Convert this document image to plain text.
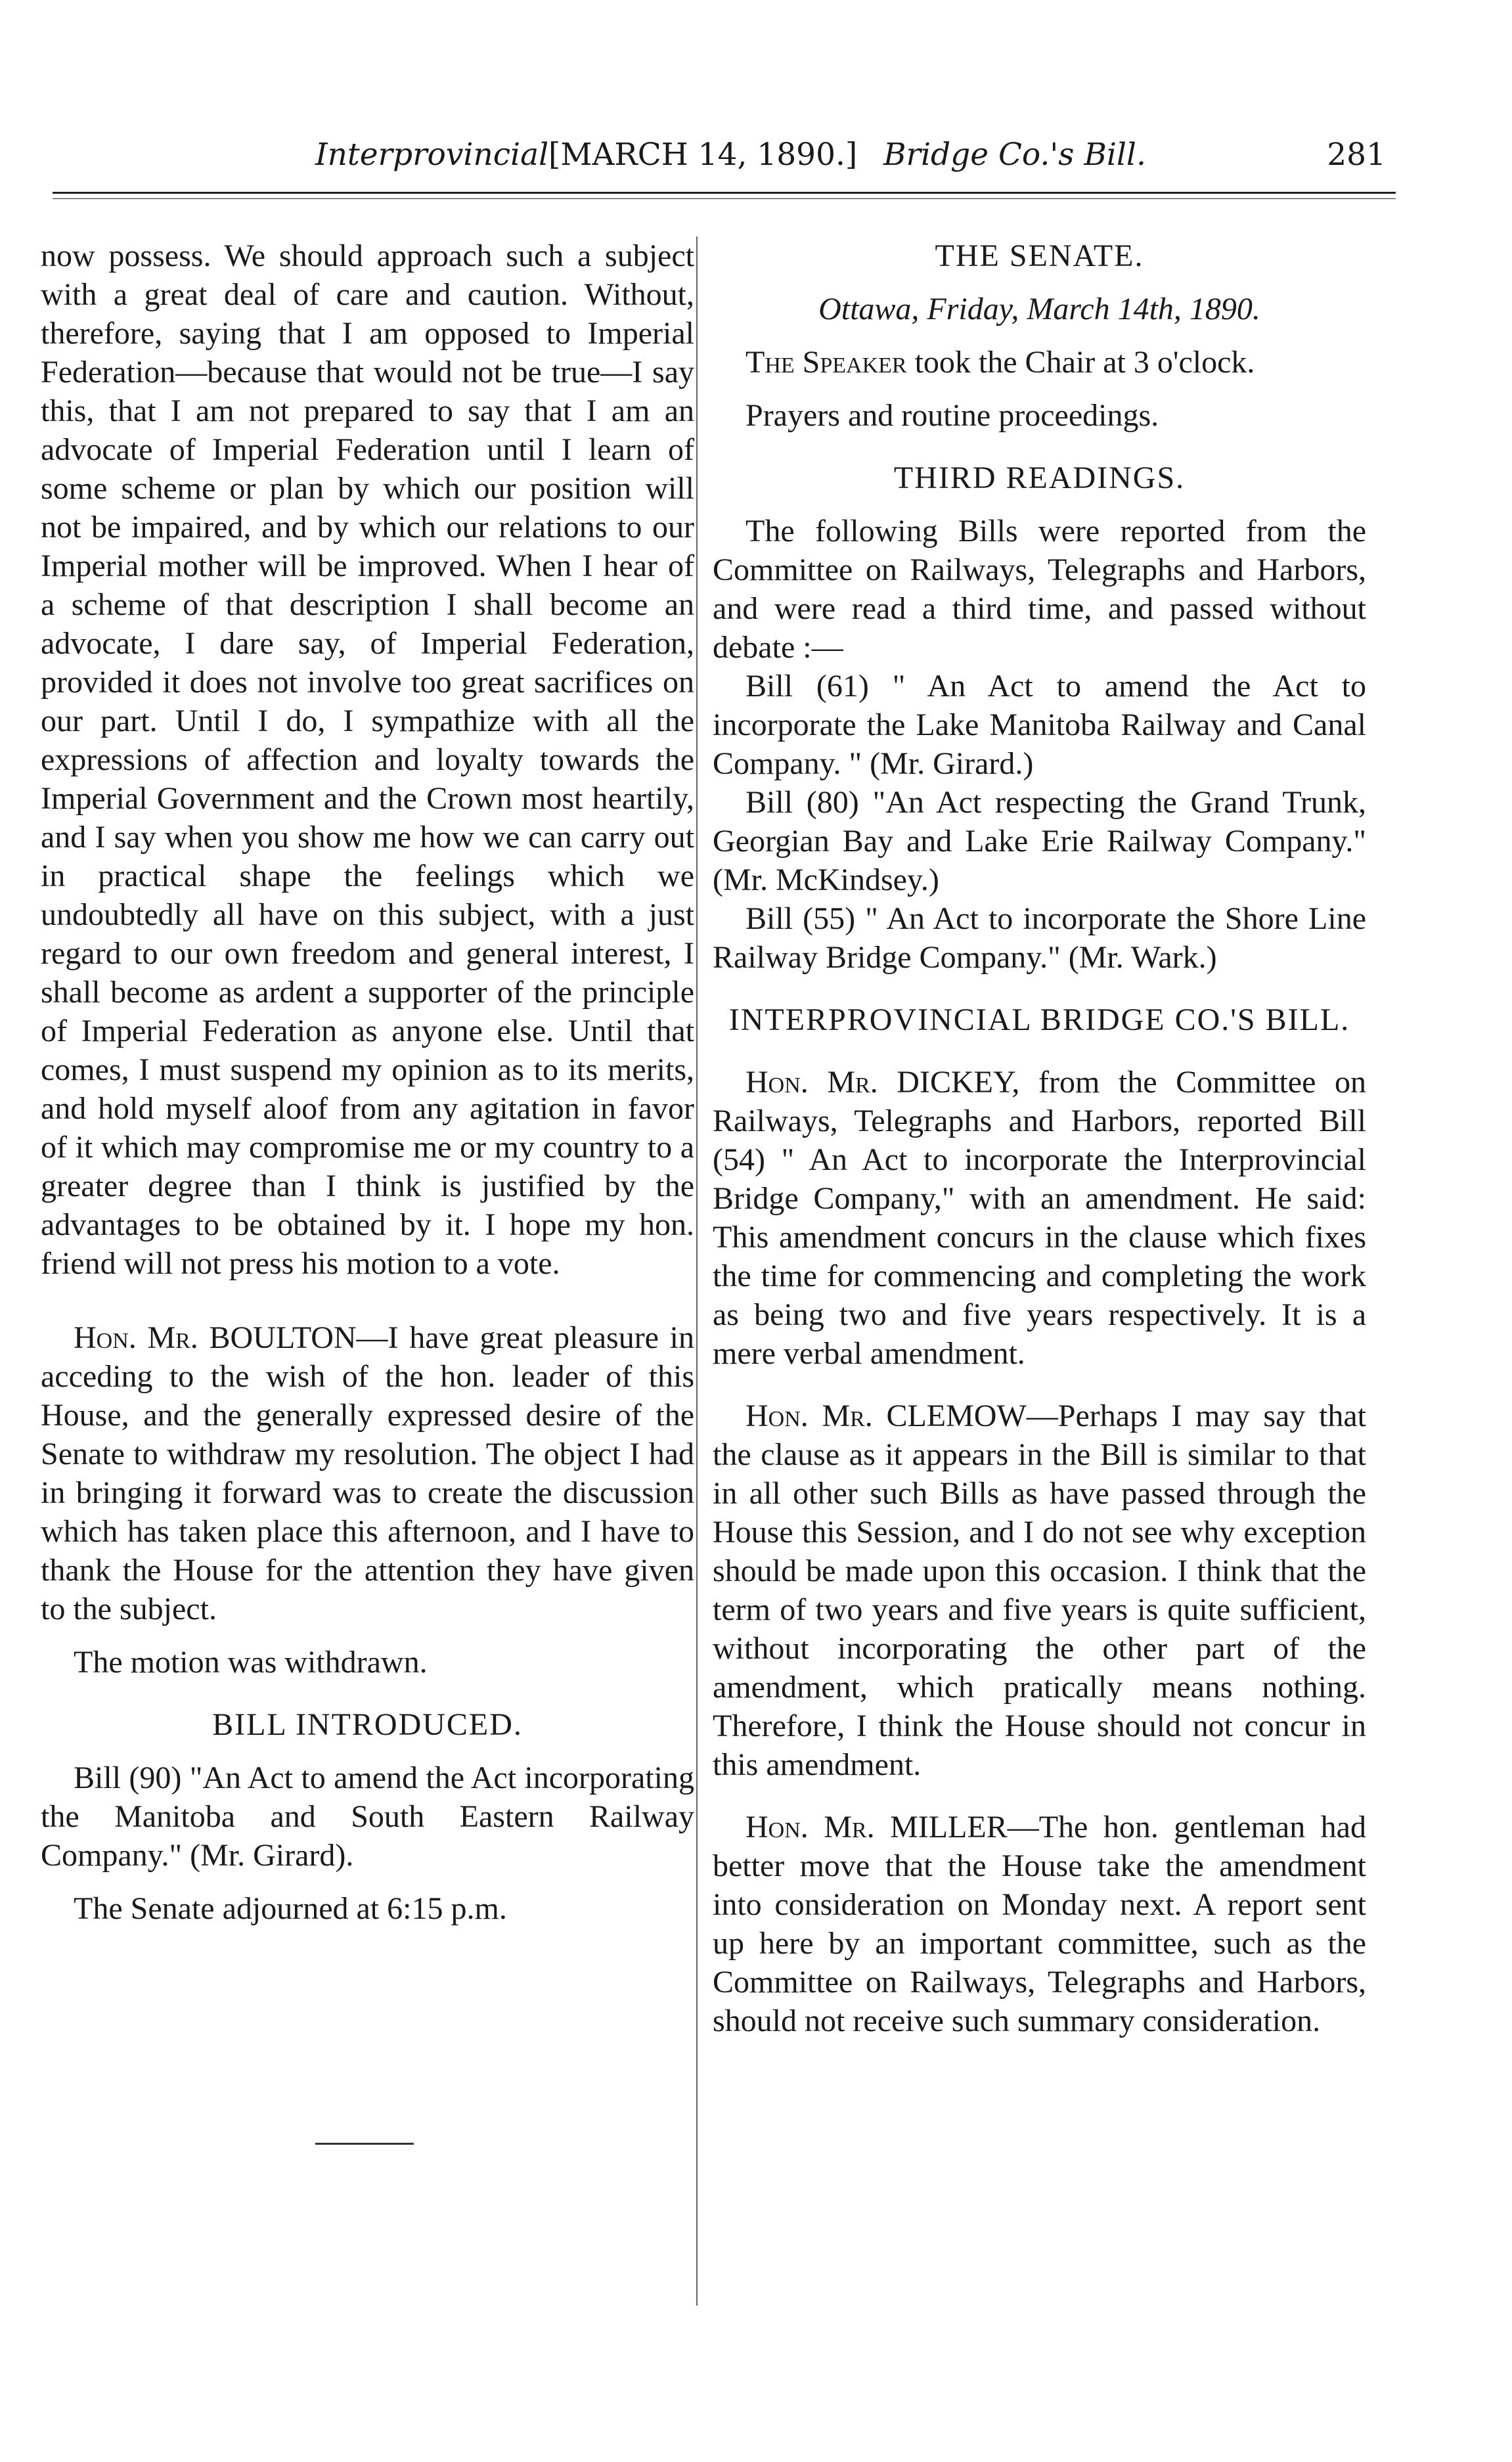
Interprovincial [MARCH 14, 1890.] Bridge Co.'s Bill.	281

now possess. We should approach such a subject with a great deal of care and caution. Without, therefore, saying that I am opposed to Imperial Federation—because that would not be true—I say this, that I am not prepared to say that I am an advocate of Imperial Federation until I learn of some scheme or plan by which our position will not be impaired, and by which our relations to our Imperial mother will be improved. When I hear of a scheme of that description I shall become an advocate, I dare say, of Imperial Federation, provided it does not involve too great sacrifices on our part. Until I do, I sympathize with all the expressions of affection and loyalty towards the Imperial Government and the Crown most heartily, and I say when you show me how we can carry out in practical shape the feelings which we undoubtedly all have on this subject, with a just regard to our own freedom and general interest, I shall become as ardent a supporter of the principle of Imperial Federation as anyone else. Until that comes, I must suspend my opinion as to its merits, and hold myself aloof from any agitation in favor of it which may compromise me or my country to a greater degree than I think is justified by the advantages to be obtained by it. I hope my hon. friend will not press his motion to a vote.

Hon. Mr. BOULTON—I have great pleasure in acceding to the wish of the hon. leader of this House, and the generally expressed desire of the Senate to withdraw my resolution. The object I had in bringing it forward was to create the discussion which has taken place this afternoon, and I have to thank the House for the attention they have given to the subject.

The motion was withdrawn.

BILL INTRODUCED.

Bill (90) "An Act to amend the Act incorporating the Manitoba and South Eastern Railway Company." (Mr. Girard).

The Senate adjourned at 6:15 p.m.

THE SENATE.

Ottawa, Friday, March 14th, 1890.

The Speaker took the Chair at 3 o'clock.

Prayers and routine proceedings.

THIRD READINGS.

The following Bills were reported from the Committee on Railways, Telegraphs and Harbors, and were read a third time, and passed without debate :—

Bill (61) " An Act to amend the Act to incorporate the Lake Manitoba Railway and Canal Company. " (Mr. Girard.)

Bill (80) "An Act respecting the Grand Trunk, Georgian Bay and Lake Erie Railway Company." (Mr. McKindsey.)

Bill (55) " An Act to incorporate the Shore Line Railway Bridge Company." (Mr. Wark.)

INTERPROVINCIAL BRIDGE CO.'S BILL.

Hon. Mr. DICKEY, from the Committee on Railways, Telegraphs and Harbors, reported Bill (54) " An Act to incorporate the Interprovincial Bridge Company," with an amendment. He said: This amendment concurs in the clause which fixes the time for commencing and completing the work as being two and five years respectively. It is a mere verbal amendment.

Hon. Mr. CLEMOW—Perhaps I may say that the clause as it appears in the Bill is similar to that in all other such Bills as have passed through the House this Session, and I do not see why exception should be made upon this occasion. I think that the term of two years and five years is quite sufficient, without incorporating the other part of the amendment, which pratically means nothing. Therefore, I think the House should not concur in this amendment.

Hon. Mr. MILLER—The hon. gentleman had better move that the House take the amendment into consideration on Monday next. A report sent up here by an important committee, such as the Committee on Railways, Telegraphs and Harbors, should not receive such summary consideration.
